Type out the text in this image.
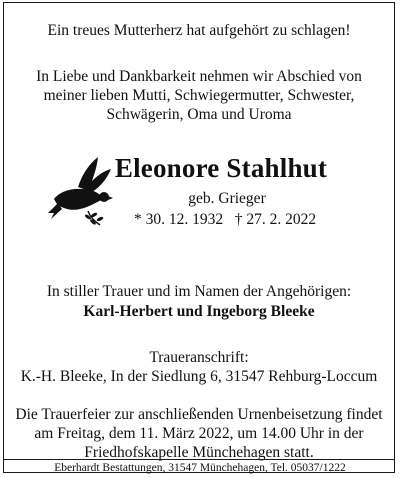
Ein treues Mutterherz hat aufgehört zu schlagen!
In Liebe und Dankbarkeit nehmen wir Abschied von
meiner lieben Mutti, Schwiegermutter, Schwester,
Schwägerin, Oma und Uroma
Eleonore Stahlhut
geb. Grieger
* 30. 12. 1932   † 27. 2. 2022
In stiller Trauer und im Namen der Angehörigen:
Karl-Herbert und Ingeborg Bleeke
Traueranschrift:
K.-H. Bleeke, In der Siedlung 6, 31547 Rehburg-Loccum
Die Trauerfeier zur anschließenden Urnenbeisetzung findet
am Freitag, dem 11. März 2022, um 14.00 Uhr in der
Friedhofskapelle Münchehagen statt.
Eberhardt Bestattungen, 31547 Münchehagen, Tel. 05037/1222
